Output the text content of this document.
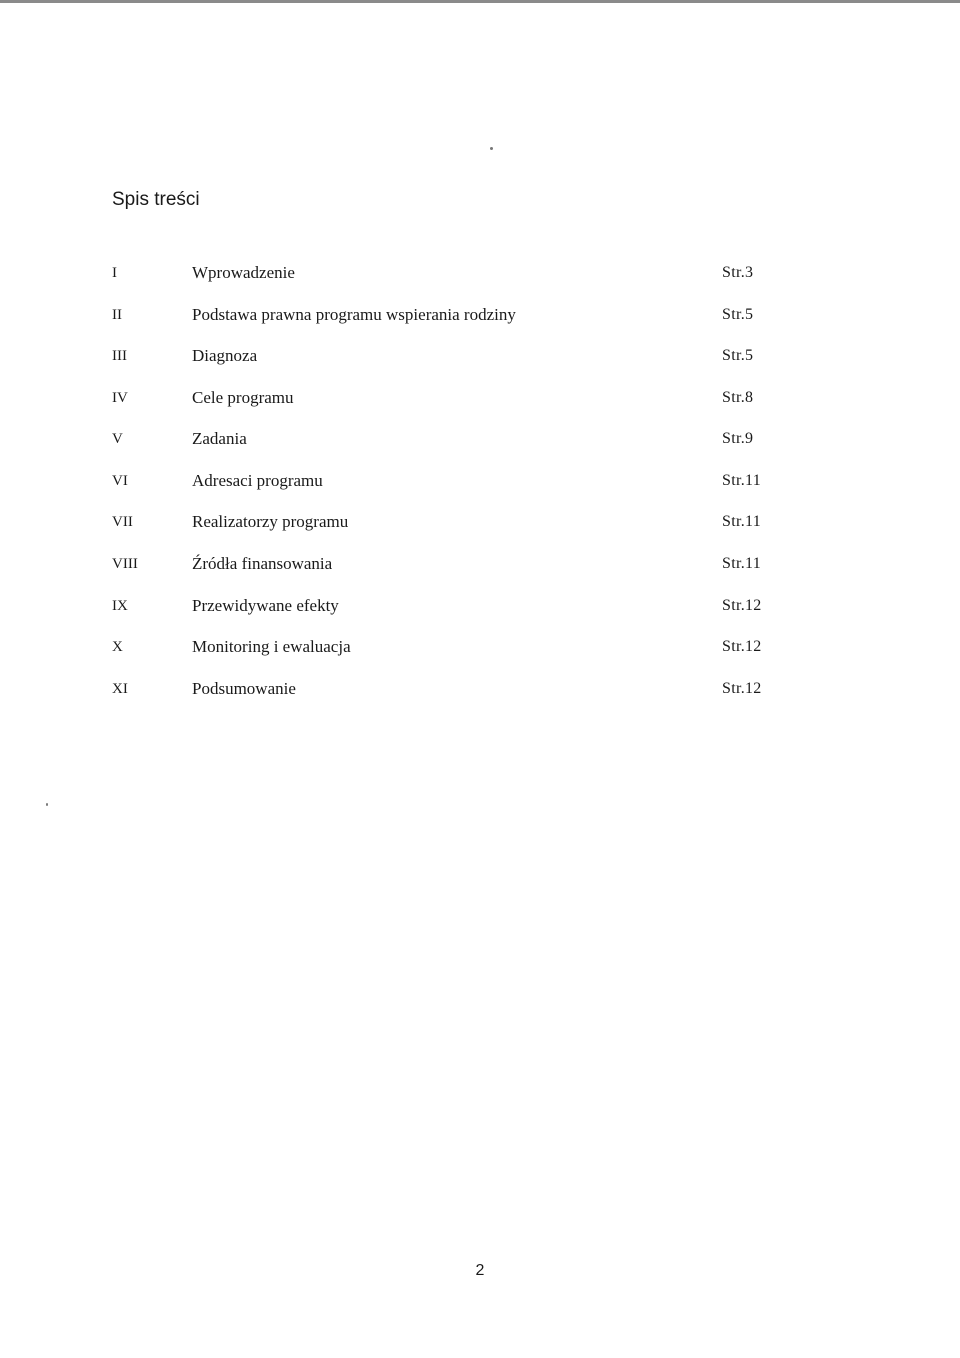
Spis treści
I	Wprowadzenie	Str.3
II	Podstawa prawna programu wspierania rodziny	Str.5
III	Diagnoza	Str.5
IV	Cele programu	Str.8
V	Zadania	Str.9
VI	Adresaci programu	Str.11
VII	Realizatorzy programu	Str.11
VIII	Źródła finansowania	Str.11
IX	Przewidywane efekty	Str.12
X	Monitoring i ewaluacja	Str.12
XI	Podsumowanie	Str.12
2
